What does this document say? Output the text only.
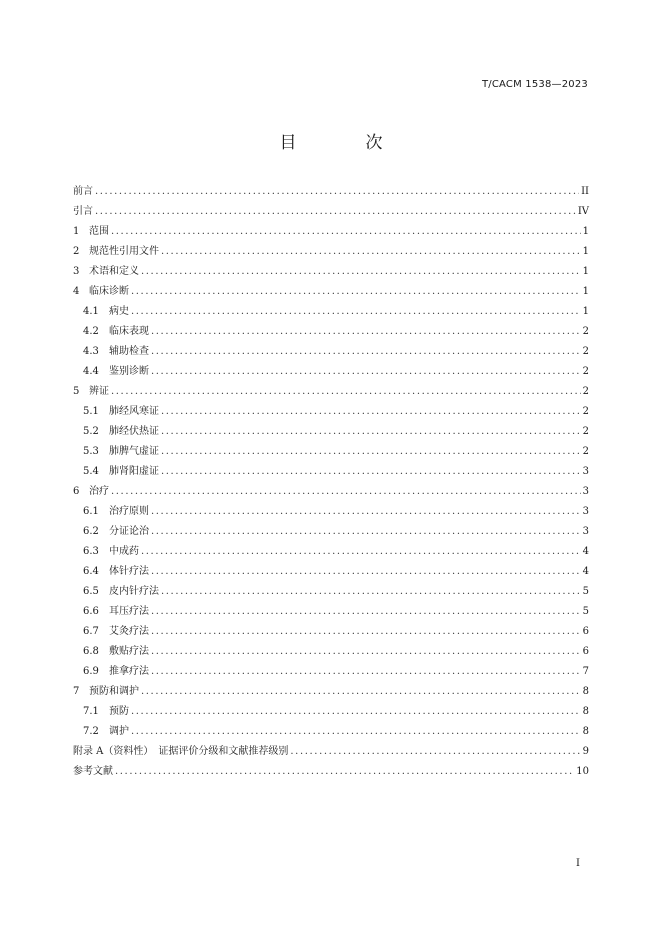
T/CACM 1538—2023
目　次
前言 .....	II
引言 .....	IV
1 范围 .....	1
2 规范性引用文件 .....	1
3 术语和定义 .....	1
4 临床诊断 .....	1
4.1	病史 .....	1
4.2	临床表现 .....	2
4.3	辅助检查 .....	2
4.4	鉴别诊断 .....	2
5 辨证 .....	2
5.1	肺经风寒证 .....	2
5.2	肺经伏热证 .....	2
5.3	肺脾气虚证 .....	2
5.4	肺肾阳虚证 .....	3
6 治疗 .....	3
6.1	治疗原则 .....	3
6.2	分证论治 .....	3
6.3	中成药 .....	4
6.4	体针疗法 .....	4
6.5	皮内针疗法 .....	5
6.6	耳压疗法 .....	5
6.7	艾灸疗法 .....	6
6.8	敷贴疗法 .....	6
6.9	推拿疗法 .....	7
7 预防和调护 .....	8
7.1	预防 .....	8
7.2	调护 .....	8
附录 A（资料性）　证据评价分级和文献推荐级别 .....	9
参考文献 .....	10
I
